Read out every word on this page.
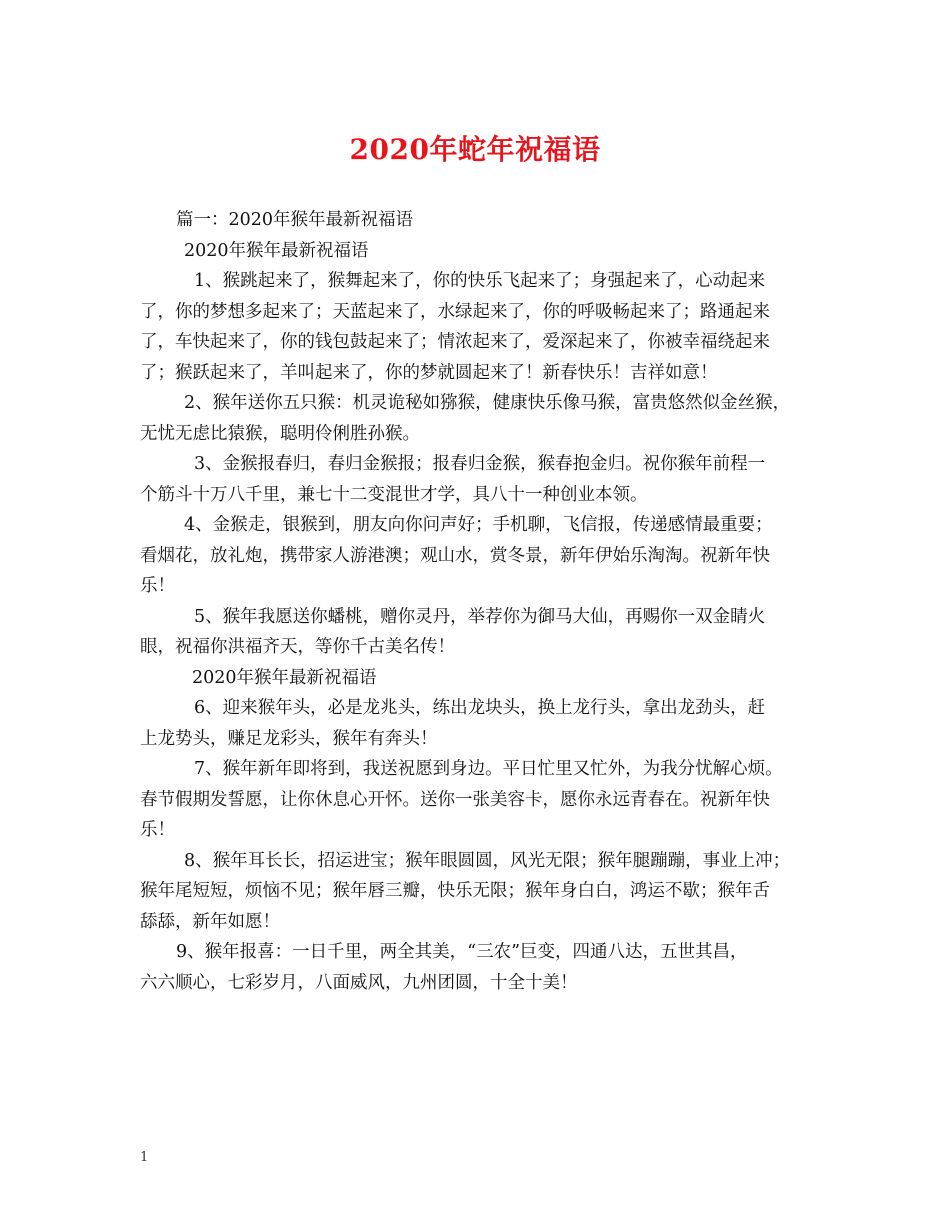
2020年蛇年祝福语
篇一：2020年猴年最新祝福语
2020年猴年最新祝福语
1、猴跳起来了，猴舞起来了，你的快乐飞起来了；身强起来了，心动起来
了，你的梦想多起来了；天蓝起来了，水绿起来了，你的呼吸畅起来了；路通起来
了，车快起来了，你的钱包鼓起来了；情浓起来了，爱深起来了，你被幸福绕起来
了；猴跃起来了，羊叫起来了，你的梦就圆起来了！新春快乐！吉祥如意！
2、猴年送你五只猴：机灵诡秘如猕猴，健康快乐像马猴，富贵悠然似金丝猴，
无忧无虑比猿猴，聪明伶俐胜孙猴。
3、金猴报春归，春归金猴报；报春归金猴，猴春抱金归。祝你猴年前程一
个筋斗十万八千里，兼七十二变混世才学，具八十一种创业本领。
4、金猴走，银猴到，朋友向你问声好；手机聊，飞信报，传递感情最重要；
看烟花，放礼炮，携带家人游港澳；观山水，赏冬景，新年伊始乐淘淘。祝新年快
乐！
5、猴年我愿送你蟠桃，赠你灵丹，举荐你为御马大仙，再赐你一双金睛火
眼，祝福你洪福齐天，等你千古美名传！
2020年猴年最新祝福语
6、迎来猴年头，必是龙兆头，练出龙块头，换上龙行头，拿出龙劲头，赶
上龙势头，赚足龙彩头，猴年有奔头！
7、猴年新年即将到，我送祝愿到身边。平日忙里又忙外，为我分忧解心烦。
春节假期发誓愿，让你休息心开怀。送你一张美容卡，愿你永远青春在。祝新年快
乐！
8、猴年耳长长，招运进宝；猴年眼圆圆，风光无限；猴年腿蹦蹦，事业上冲；
猴年尾短短，烦恼不见；猴年唇三瓣，快乐无限；猴年身白白，鸿运不歇；猴年舌
舔舔，新年如愿！
9、猴年报喜：一日千里，两全其美，“三农”巨变，四通八达，五世其昌，
六六顺心，七彩岁月，八面威风，九州团圆，十全十美！
1
